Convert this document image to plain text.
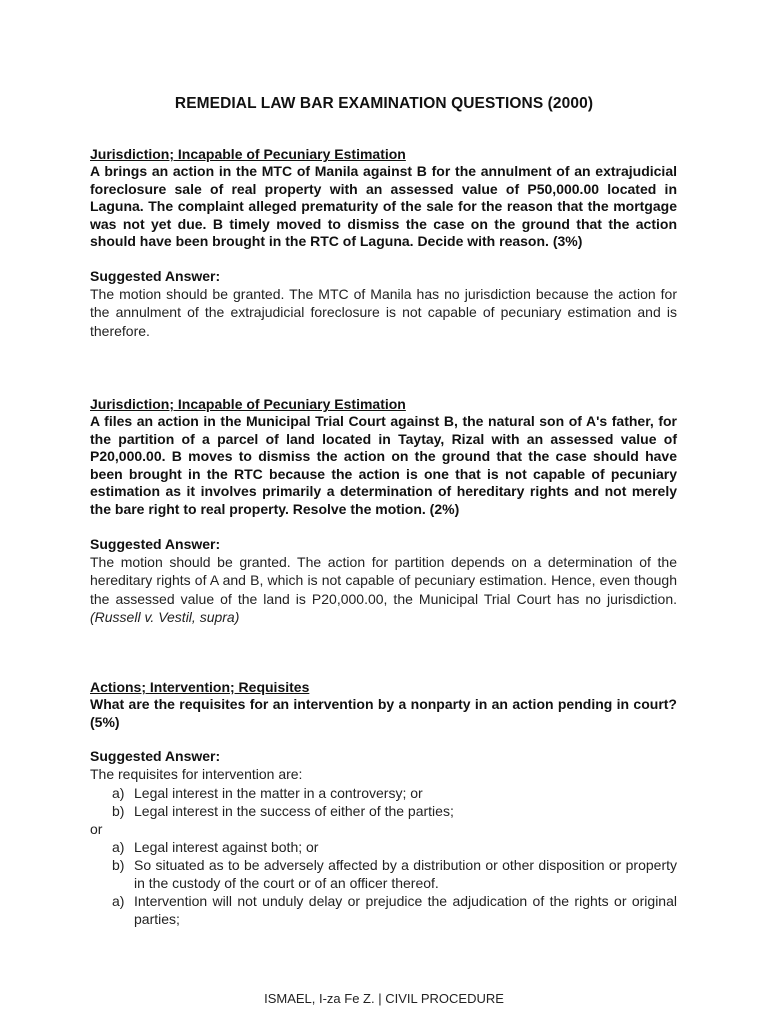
REMEDIAL LAW BAR EXAMINATION QUESTIONS (2000)
Jurisdiction; Incapable of Pecuniary Estimation
A brings an action in the MTC of Manila against B for the annulment of an extrajudicial foreclosure sale of real property with an assessed value of P50,000.00 located in Laguna. The complaint alleged prematurity of the sale for the reason that the mortgage was not yet due. B timely moved to dismiss the case on the ground that the action should have been brought in the RTC of Laguna. Decide with reason. (3%)
Suggested Answer:
The motion should be granted. The MTC of Manila has no jurisdiction because the action for the annulment of the extrajudicial foreclosure is not capable of pecuniary estimation and is therefore.
Jurisdiction; Incapable of Pecuniary Estimation
A files an action in the Municipal Trial Court against B, the natural son of A's father, for the partition of a parcel of land located in Taytay, Rizal with an assessed value of P20,000.00. B moves to dismiss the action on the ground that the case should have been brought in the RTC because the action is one that is not capable of pecuniary estimation as it involves primarily a determination of hereditary rights and not merely the bare right to real property. Resolve the motion. (2%)
Suggested Answer:
The motion should be granted. The action for partition depends on a determination of the hereditary rights of A and B, which is not capable of pecuniary estimation. Hence, even though the assessed value of the land is P20,000.00, the Municipal Trial Court has no jurisdiction. (Russell v. Vestil, supra)
Actions; Intervention; Requisites
What are the requisites for an intervention by a nonparty in an action pending in court? (5%)
Suggested Answer:
The requisites for intervention are:
a) Legal interest in the matter in a controversy; or
b) Legal interest in the success of either of the parties;
or
a) Legal interest against both; or
b) So situated as to be adversely affected by a distribution or other disposition or property in the custody of the court or of an officer thereof.
a) Intervention will not unduly delay or prejudice the adjudication of the rights or original parties;
ISMAEL, I-za Fe Z. | CIVIL PROCEDURE
